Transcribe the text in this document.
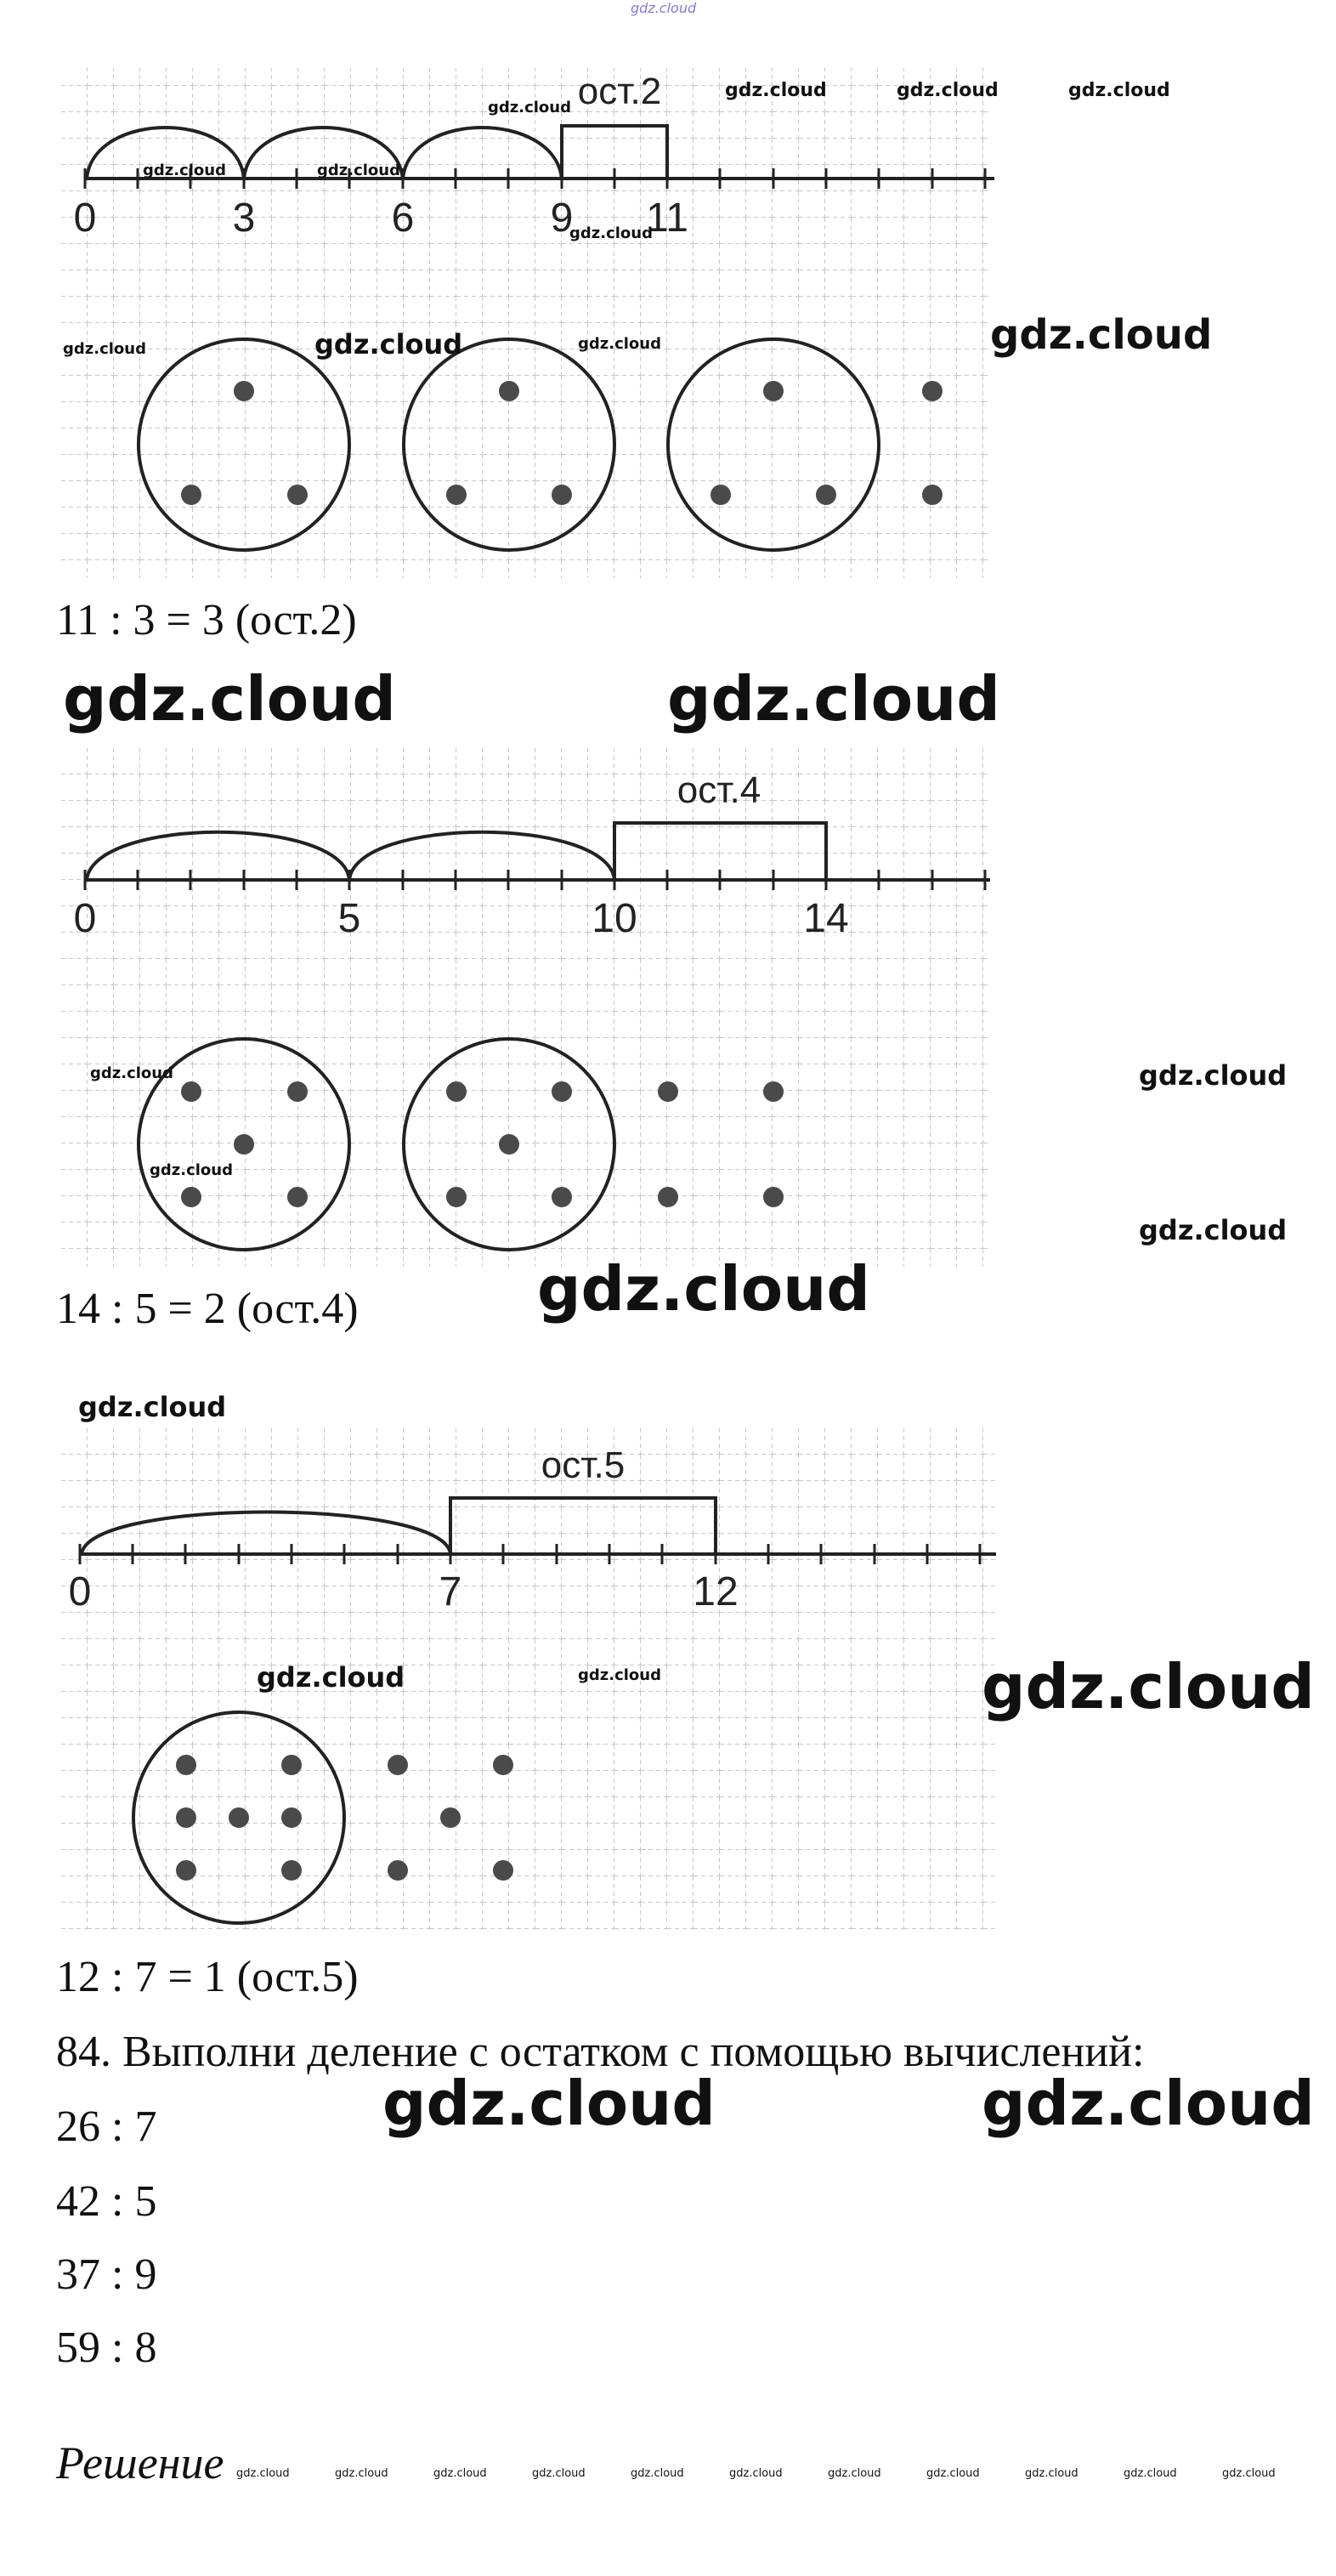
gdz.cloud
ост.2
0	3	6	9 11
gdz.cloud
gdz.cloud	gdz.cloud	gdz.cloud
gdz.cloud	gdz.cloud
gdz.cloud
gdz.cloud	gdz.cloud	gdz.cloud	gdz.cloud
11 : 3 = 3 (ост.2)
gdz.cloud	gdz.cloud
ост.4
0	5	10	14
gdz.cloud
gdz.cloud
gdz.cloud
gdz.cloud
14 : 5 = 2 (ост.4)	gdz.cloud
gdz.cloud
ост.5
0	7	12
gdz.cloud	gdz.cloud	gdz.cloud
12 : 7 = 1 (ост.5)
84. Выполни деление с остатком с помощью вычислений:
26 : 7
42 : 5
37 : 9
59 : 8
gdz.cloud	gdz.cloud
Решение gdz.cloud	gdz.cloud	gdz.cloud	gdz.cloud	gdz.cloud	gdz.cloud	gdz.cloud	gdz.cloud	gdz.cloud	gdz.cloud	gdz.cloud
